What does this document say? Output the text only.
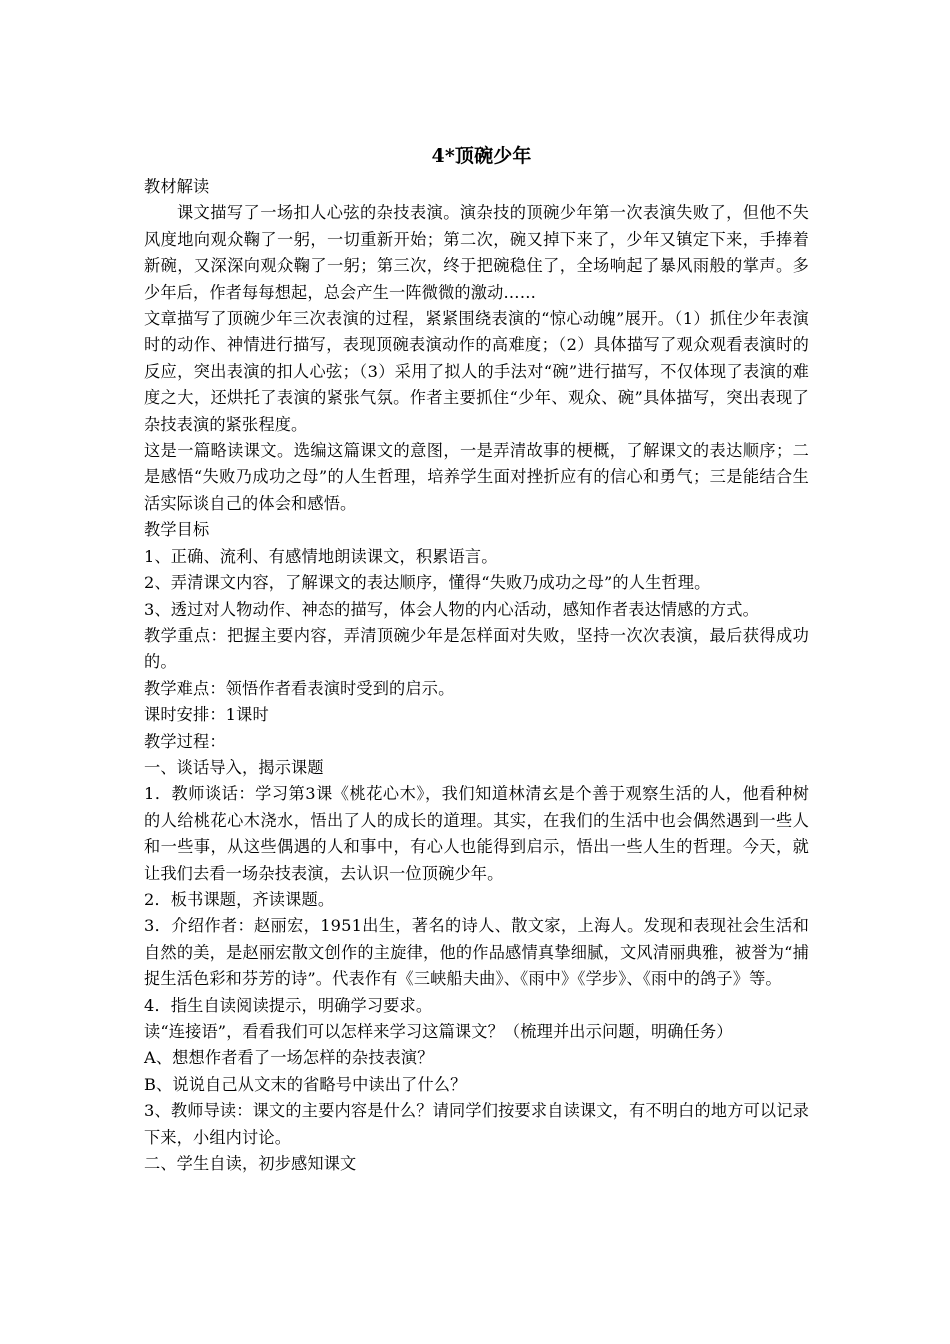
4*顶碗少年

教材解读

课文描写了一场扣人心弦的杂技表演。演杂技的顶碗少年第一次表演失败了，但他不失风度地向观众鞠了一躬，一切重新开始；第二次，碗又掉下来了，少年又镇定下来，手捧着新碗，又深深向观众鞠了一躬；第三次，终于把碗稳住了，全场响起了暴风雨般的掌声。多少年后，作者每每想起，总会产生一阵微微的激动……

文章描写了顶碗少年三次表演的过程，紧紧围绕表演的“惊心动魄”展开。（1）抓住少年表演时的动作、神情进行描写，表现顶碗表演动作的高难度；（2）具体描写了观众观看表演时的反应，突出表演的扣人心弦；（3）采用了拟人的手法对“碗”进行描写，不仅体现了表演的难度之大，还烘托了表演的紧张气氛。作者主要抓住“少年、观众、碗”具体描写，突出表现了杂技表演的紧张程度。

这是一篇略读课文。选编这篇课文的意图，一是弄清故事的梗概，了解课文的表达顺序；二是感悟“失败乃成功之母”的人生哲理，培养学生面对挫折应有的信心和勇气；三是能结合生活实际谈自己的体会和感悟。

教学目标

1、正确、流利、有感情地朗读课文，积累语言。

2、弄清课文内容，了解课文的表达顺序，懂得“失败乃成功之母”的人生哲理。

3、透过对人物动作、神态的描写，体会人物的内心活动，感知作者表达情感的方式。

教学重点：把握主要内容，弄清顶碗少年是怎样面对失败，坚持一次次表演，最后获得成功的。

教学难点：领悟作者看表演时受到的启示。

课时安排：1课时

教学过程：

一、谈话导入，揭示课题

1．教师谈话：学习第3课《桃花心木》，我们知道林清玄是个善于观察生活的人，他看种树的人给桃花心木浇水，悟出了人的成长的道理。其实，在我们的生活中也会偶然遇到一些人和一些事，从这些偶遇的人和事中，有心人也能得到启示，悟出一些人生的哲理。今天，就让我们去看一场杂技表演，去认识一位顶碗少年。

2．板书课题，齐读课题。

3．介绍作者：赵丽宏，1951出生，著名的诗人、散文家，上海人。发现和表现社会生活和自然的美，是赵丽宏散文创作的主旋律，他的作品感情真挚细腻，文风清丽典雅，被誉为“捕捉生活色彩和芬芳的诗”。代表作有《三峡船夫曲》、《雨中》《学步》、《雨中的鸽子》等。

4．指生自读阅读提示，明确学习要求。

读“连接语”，看看我们可以怎样来学习这篇课文？（梳理并出示问题，明确任务）

A、想想作者看了一场怎样的杂技表演？

B、说说自己从文末的省略号中读出了什么？

3、教师导读：课文的主要内容是什么？请同学们按要求自读课文，有不明白的地方可以记录下来，小组内讨论。

二、学生自读，初步感知课文
